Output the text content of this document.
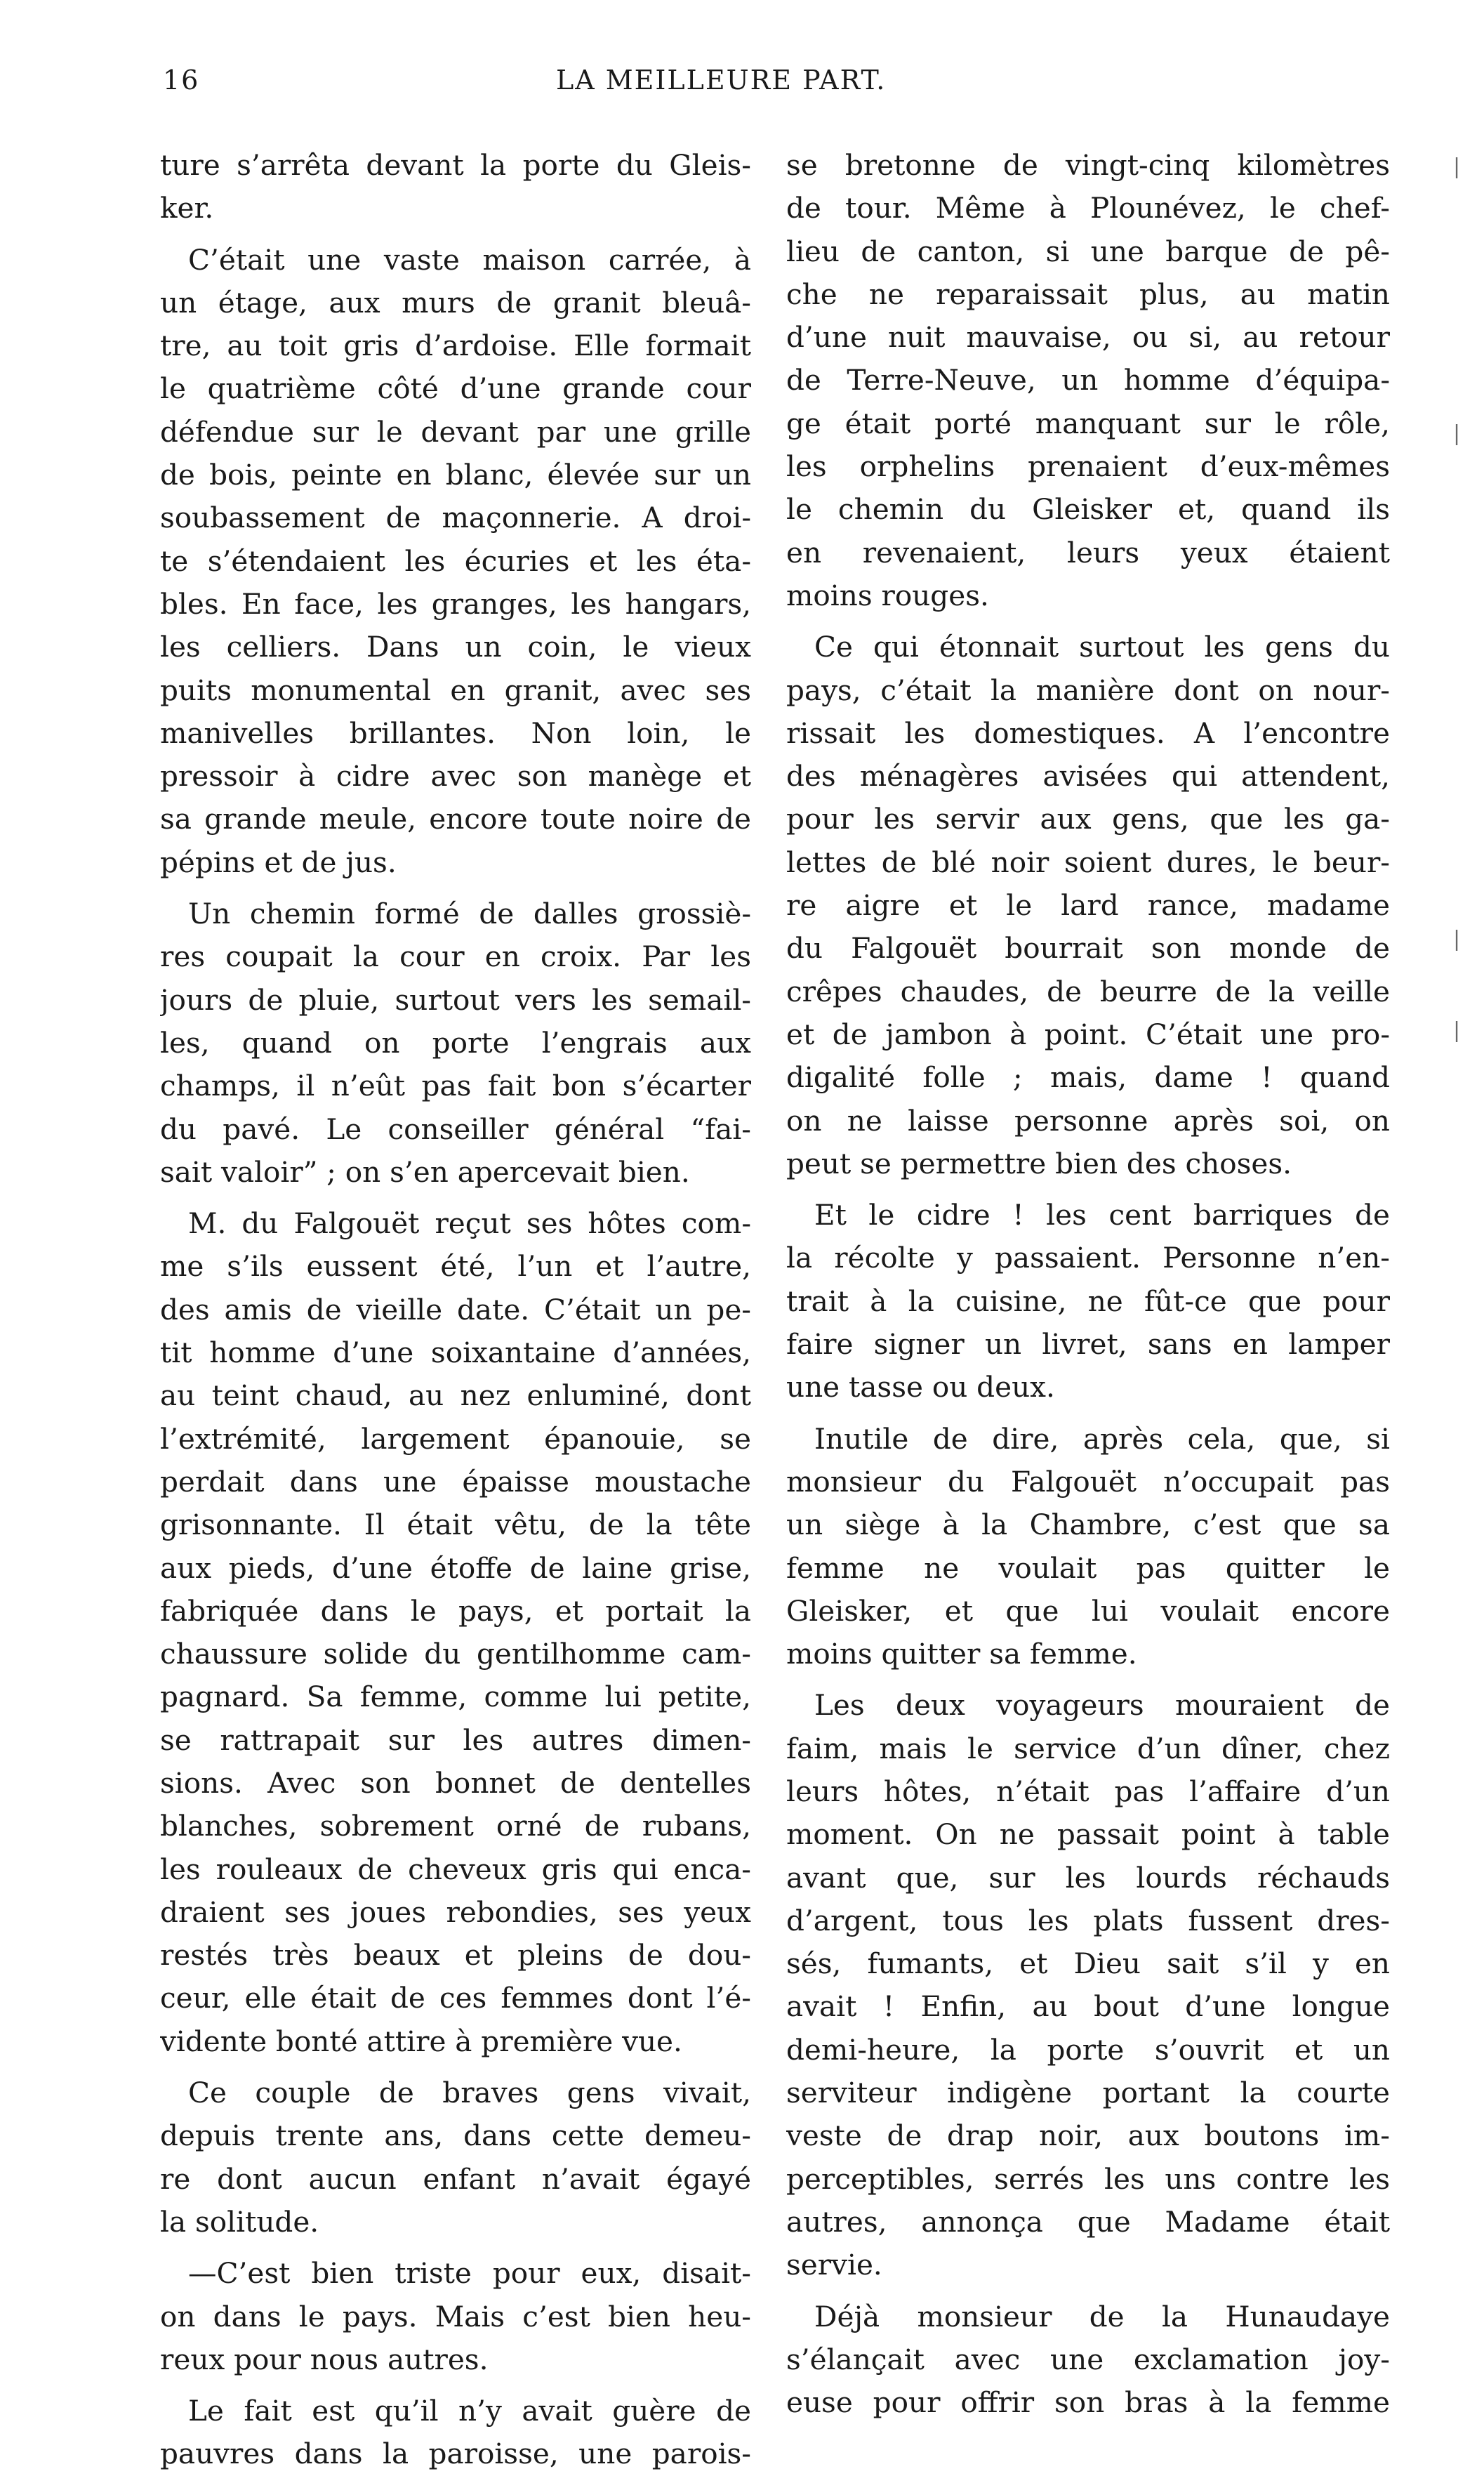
16	LA MEILLEURE PART.
ture s’arrêta devant la porte du Gleis-
ker.
C’était une vaste maison carrée, à
un étage, aux murs de granit bleuâ-
tre, au toit gris d’ardoise. Elle formait
le quatrième côté d’une grande cour
défendue sur le devant par une grille
de bois, peinte en blanc, élevée sur un
soubassement de maçonnerie. A droi-
te s’étendaient les écuries et les éta-
bles. En face, les granges, les hangars,
les celliers. Dans un coin, le vieux
puits monumental en granit, avec ses
manivelles brillantes. Non loin, le
pressoir à cidre avec son manège et
sa grande meule, encore toute noire de
pépins et de jus.
Un chemin formé de dalles grossiè-
res coupait la cour en croix. Par les
jours de pluie, surtout vers les semail-
les, quand on porte l’engrais aux
champs, il n’eût pas fait bon s’écarter
du pavé. Le conseiller général “fai-
sait valoir” ; on s’en apercevait bien.
M. du Falgouët reçut ses hôtes com-
me s’ils eussent été, l’un et l’autre,
des amis de vieille date. C’était un pe-
tit homme d’une soixantaine d’années,
au teint chaud, au nez enluminé, dont
l’extrémité, largement épanouie, se
perdait dans une épaisse moustache
grisonnante. Il était vêtu, de la tête
aux pieds, d’une étoffe de laine grise,
fabriquée dans le pays, et portait la
chaussure solide du gentilhomme cam-
pagnard. Sa femme, comme lui petite,
se rattrapait sur les autres dimen-
sions. Avec son bonnet de dentelles
blanches, sobrement orné de rubans,
les rouleaux de cheveux gris qui enca-
draient ses joues rebondies, ses yeux
restés très beaux et pleins de dou-
ceur, elle était de ces femmes dont l’é-
vidente bonté attire à première vue.
Ce couple de braves gens vivait,
depuis trente ans, dans cette demeu-
re dont aucun enfant n’avait égayé
la solitude.
—C’est bien triste pour eux, disait-
on dans le pays. Mais c’est bien heu-
reux pour nous autres.
Le fait est qu’il n’y avait guère de
pauvres dans la paroisse, une parois-
se bretonne de vingt-cinq kilomètres
de tour. Même à Plounévez, le chef-
lieu de canton, si une barque de pê-
che ne reparaissait plus, au matin
d’une nuit mauvaise, ou si, au retour
de Terre-Neuve, un homme d’équipa-
ge était porté manquant sur le rôle,
les orphelins prenaient d’eux-mêmes
le chemin du Gleisker et, quand ils
en revenaient, leurs yeux étaient
moins rouges.
Ce qui étonnait surtout les gens du
pays, c’était la manière dont on nour-
rissait les domestiques. A l’encontre
des ménagères avisées qui attendent,
pour les servir aux gens, que les ga-
lettes de blé noir soient dures, le beur-
re aigre et le lard rance, madame
du Falgouët bourrait son monde de
crêpes chaudes, de beurre de la veille
et de jambon à point. C’était une pro-
digalité folle ; mais, dame ! quand
on ne laisse personne après soi, on
peut se permettre bien des choses.
Et le cidre ! les cent barriques de
la récolte y passaient. Personne n’en-
trait à la cuisine, ne fût-ce que pour
faire signer un livret, sans en lamper
une tasse ou deux.
Inutile de dire, après cela, que, si
monsieur du Falgouët n’occupait pas
un siège à la Chambre, c’est que sa
femme ne voulait pas quitter le
Gleisker, et que lui voulait encore
moins quitter sa femme.
Les deux voyageurs mouraient de
faim, mais le service d’un dîner, chez
leurs hôtes, n’était pas l’affaire d’un
moment. On ne passait point à table
avant que, sur les lourds réchauds
d’argent, tous les plats fussent dres-
sés, fumants, et Dieu sait s’il y en
avait ! Enfin, au bout d’une longue
demi-heure, la porte s’ouvrit et un
serviteur indigène portant la courte
veste de drap noir, aux boutons im-
perceptibles, serrés les uns contre les
autres, annonça que Madame était
servie.
Déjà monsieur de la Hunaudaye
s’élançait avec une exclamation joy-
euse pour offrir son bras à la femme
|
|
|
|
